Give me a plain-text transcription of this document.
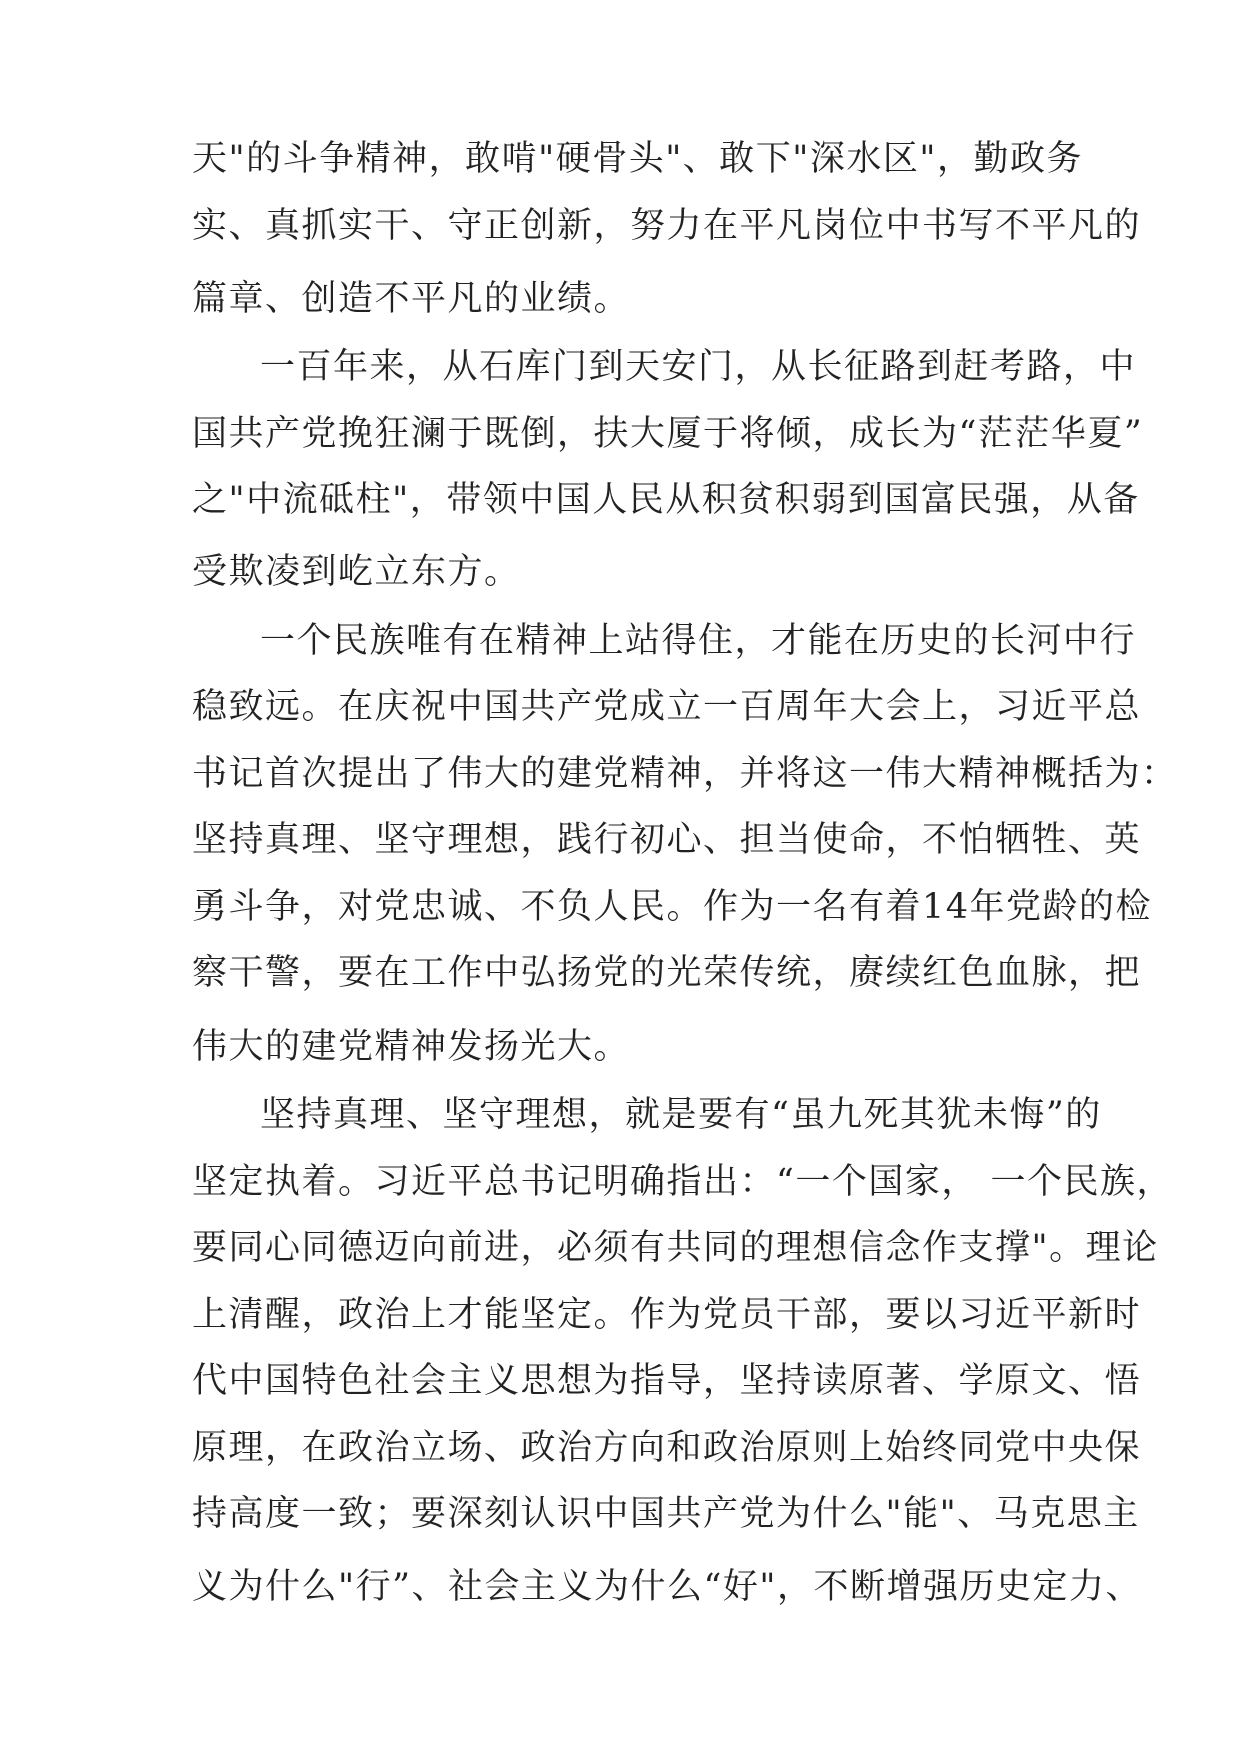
天"的斗争精神，敢啃"硬骨头"、敢下"深水区"，勤政务
实、真抓实干、守正创新，努力在平凡岗位中书写不平凡的
篇章、创造不平凡的业绩。
一百年来，从石库门到天安门，从长征路到赶考路，中
国共产党挽狂澜于既倒，扶大厦于将倾，成长为“茫茫华夏”
之"中流砥柱"，带领中国人民从积贫积弱到国富民强，从备
受欺凌到屹立东方。
一个民族唯有在精神上站得住，才能在历史的长河中行
稳致远。在庆祝中国共产党成立一百周年大会上，习近平总
书记首次提出了伟大的建党精神，并将这一伟大精神概括为：
坚持真理、坚守理想，践行初心、担当使命，不怕牺牲、英
勇斗争，对党忠诚、不负人民。作为一名有着14年党龄的检
察干警，要在工作中弘扬党的光荣传统，赓续红色血脉，把
伟大的建党精神发扬光大。
坚持真理、坚守理想，就是要有“虽九死其犹未悔”的
坚定执着。习近平总书记明确指出：“一个国家， 一个民族，
要同心同德迈向前进，必须有共同的理想信念作支撑"。理论
上清醒，政治上才能坚定。作为党员干部，要以习近平新时
代中国特色社会主义思想为指导，坚持读原著、学原文、悟
原理，在政治立场、政治方向和政治原则上始终同党中央保
持高度一致；要深刻认识中国共产党为什么"能"、马克思主
义为什么"行”、社会主义为什么“好"，不断增强历史定力、
